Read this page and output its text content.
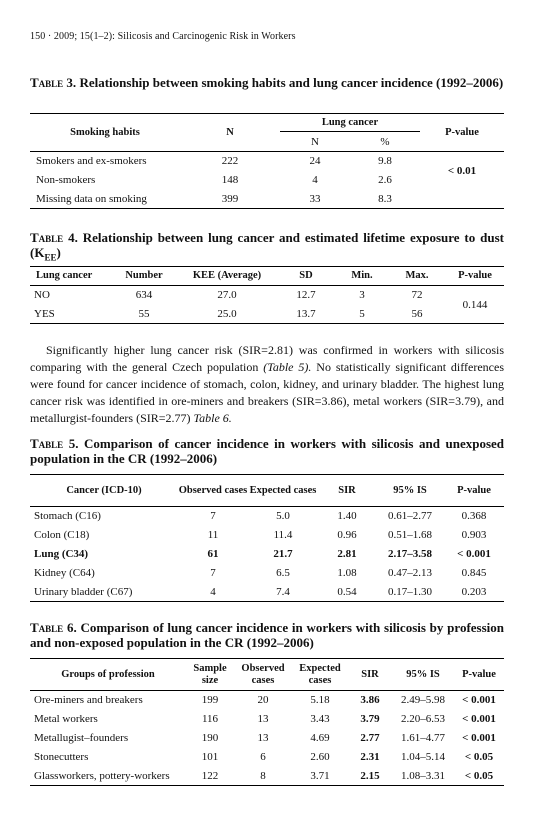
150 · 2009; 15(1–2): Silicosis and Carcinogenic Risk in Workers
Table 3. Relationship between smoking habits and lung cancer incidence (1992–2006)
Smoking habits	N	Lung cancer		P-value
		N	%	
Smokers and ex-smokers	222	24	9.8	< 0.01
Non-smokers	148	4	2.6	
Missing data on smoking	399	33	8.3	
Table 4. Relationship between lung cancer and estimated lifetime exposure to dust $(K_{EE})$
Lung cancer	Number	KEE (Average)	SD	Min.	Max.	P-value
NO	634	27.0	12.7	3	72	0.144
YES	55	25.0	13.7	5	56	
Significantly higher lung cancer risk (SIR=2.81) was confirmed in workers with silicosis comparing with the general Czech population (Table 5). No statistically significant differences were found for cancer incidence of stomach, colon, kidney, and urinary bladder. The highest lung cancer risk was identified in ore-miners and breakers (SIR=3.86), metal workers (SIR=3.79), and metallurgist-founders (SIR=2.77) Table 6.
Table 5. Comparison of cancer incidence in workers with silicosis and unexposed population in the CR (1992–2006)
Cancer (ICD-10)	Observed cases	Expected cases	SIR	95% IS	P-value
Stomach (C16)	7	5.0	1.40	0.61–2.77	0.368
Colon (C18)	11	11.4	0.96	0.51–1.68	0.903
Lung (C34)	61	21.7	2.81	2.17–3.58	< 0.001
Kidney (C64)	7	6.5	1.08	0.47–2.13	0.845
Urinary bladder (C67)	4	7.4	0.54	0.17–1.30	0.203
Table 6. Comparison of lung cancer incidence in workers with silicosis by profession and non-exposed population in the CR (1992–2006)
Groups of profession	Sample size	Observed cases	Expected cases	SIR	95% IS	P-value
Ore-miners and breakers	199	20	5.18	3.86	2.49–5.98	< 0.001
Metal workers	116	13	3.43	3.79	2.20–6.53	< 0.001
Metallugist–founders	190	13	4.69	2.77	1.61–4.77	< 0.001
Stonecutters	101	6	2.60	2.31	1.04–5.14	< 0.05
Glassworkers, pottery-workers	122	8	3.71	2.15	1.08–3.31	< 0.05
